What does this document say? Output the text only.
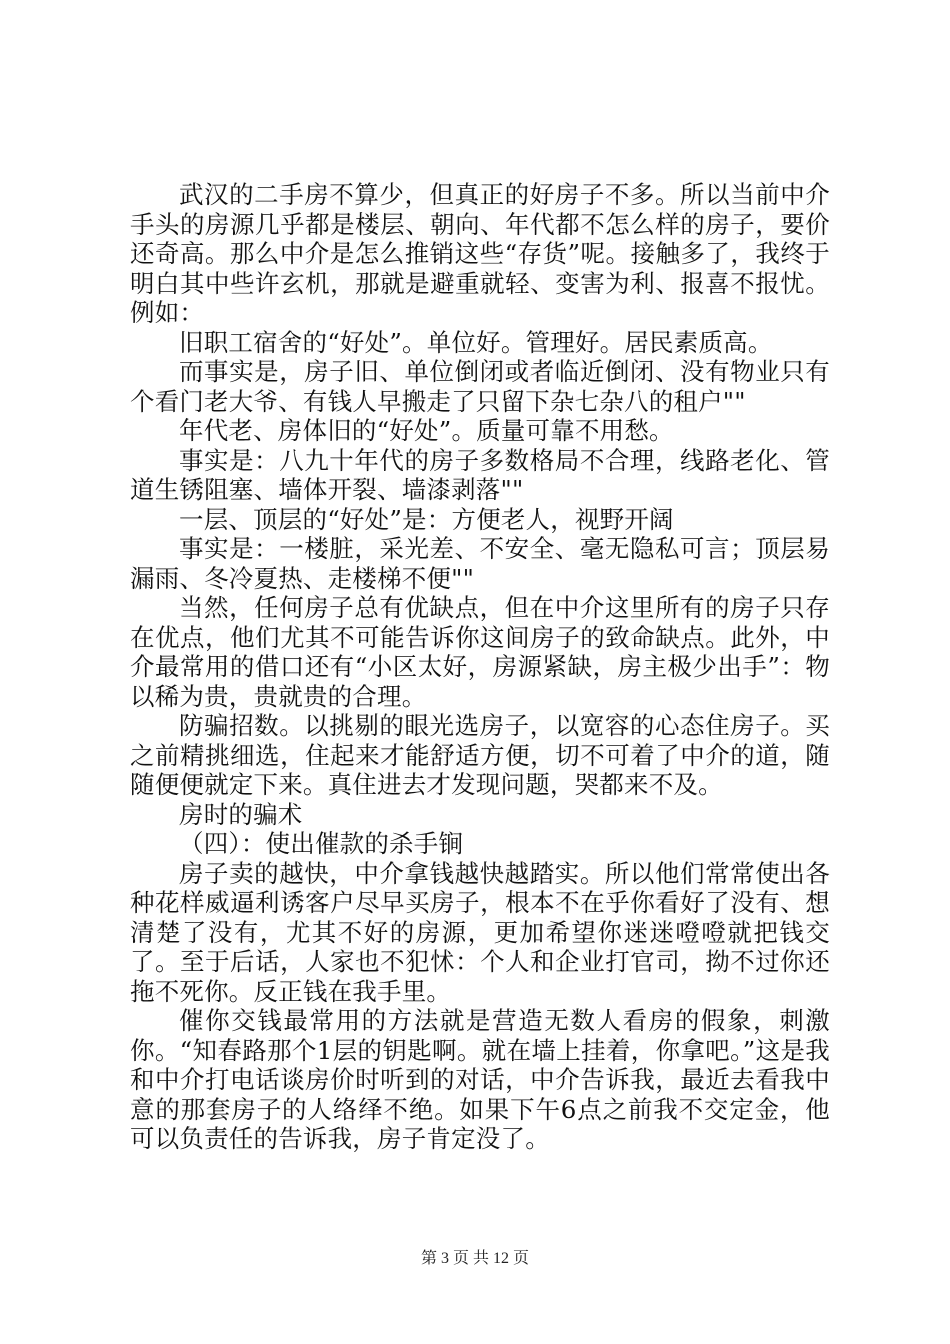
武汉的二手房不算少，但真正的好房子不多。所以当前中介手头的房源几乎都是楼层、朝向、年代都不怎么样的房子，要价还奇高。那么中介是怎么推销这些“存货”呢。接触多了，我终于明白其中些许玄机，那就是避重就轻、变害为利、报喜不报忧。例如：

旧职工宿舍的“好处”。单位好。管理好。居民素质高。

而事实是，房子旧、单位倒闭或者临近倒闭、没有物业只有个看门老大爷、有钱人早搬走了只留下杂七杂八的租户""

年代老、房体旧的“好处”。质量可靠不用愁。

事实是：八九十年代的房子多数格局不合理，线路老化、管道生锈阻塞、墙体开裂、墙漆剥落""

一层、顶层的“好处”是：方便老人，视野开阔

事实是：一楼脏，采光差、不安全、毫无隐私可言；顶层易漏雨、冬冷夏热、走楼梯不便""

当然，任何房子总有优缺点，但在中介这里所有的房子只存在优点，他们尤其不可能告诉你这间房子的致命缺点。此外，中介最常用的借口还有“小区太好，房源紧缺，房主极少出手”：物以稀为贵，贵就贵的合理。

防骗招数。以挑剔的眼光选房子，以宽容的心态住房子。买之前精挑细选，住起来才能舒适方便，切不可着了中介的道，随随便便就定下来。真住进去才发现问题，哭都来不及。

房时的骗术

（四）：使出催款的杀手锏

房子卖的越快，中介拿钱越快越踏实。所以他们常常使出各种花样威逼利诱客户尽早买房子，根本不在乎你看好了没有、想清楚了没有，尤其不好的房源，更加希望你迷迷噔噔就把钱交了。至于后话，人家也不犯怵：个人和企业打官司，拗不过你还拖不死你。反正钱在我手里。

催你交钱最常用的方法就是营造无数人看房的假象，刺激你。“知春路那个1层的钥匙啊。就在墙上挂着，你拿吧。”这是我和中介打电话谈房价时听到的对话，中介告诉我，最近去看我中意的那套房子的人络绎不绝。如果下午6点之前我不交定金，他可以负责任的告诉我，房子肯定没了。

第 3 页 共 12 页
